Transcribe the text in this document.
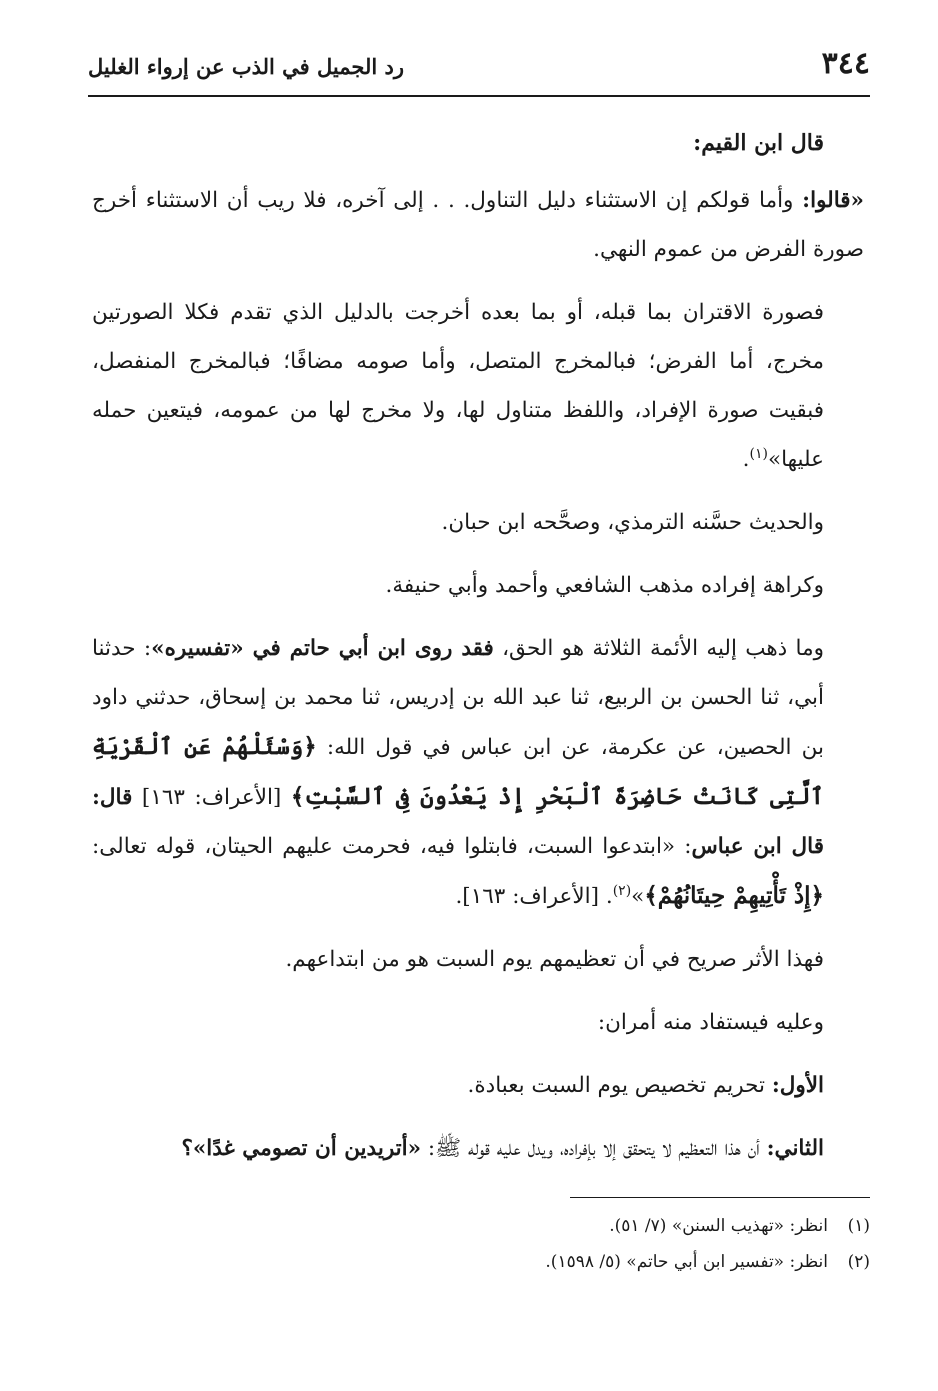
٣٤٤
رد الجميل في الذب عن إرواء الغليل

قال ابن القيم:

«قالوا: وأما قولكم إن الاستثناء دليل التناول. . . إلى آخره، فلا ريب أن الاستثناء أخرج صورة الفرض من عموم النهي.

فصورة الاقتران بما قبله، أو بما بعده أخرجت بالدليل الذي تقدم فكلا الصورتين مخرج، أما الفرض؛ فبالمخرج المتصل، وأما صومه مضافًا؛ فبالمخرج المنفصل، فبقيت صورة الإفراد، واللفظ متناول لها، ولا مخرج لها من عمومه، فيتعين حمله عليها»$^{(١)}$.

والحديث حسَّنه الترمذي، وصحَّحه ابن حبان.

وكراهة إفراده مذهب الشافعي وأحمد وأبي حنيفة.

وما ذهب إليه الأئمة الثلاثة هو الحق، فقد روى ابن أبي حاتم في «تفسيره»: حدثنا أبي، ثنا الحسن بن الربيع، ثنا عبد الله بن إدريس، ثنا محمد بن إسحاق، حدثني داود بن الحصين، عن عكرمة، عن ابن عباس في قول الله: ﴿وَسْئَلْهُمْ عَنِ ٱلْقَرْيَةِ ٱلَّتِى كَانَتْ حَاضِرَةَ ٱلْبَحْرِ إِذْ يَعْدُونَ فِى ٱلسَّبْتِ﴾ [الأعراف: ١٦٣] قال: قال ابن عباس: «ابتدعوا السبت، فابتلوا فيه، فحرمت عليهم الحيتان، قوله تعالى: ﴿إِذْ تَأْتِيهِمْ حِيتَانُهُمْ﴾»$^{(٢)}$. [الأعراف: ١٦٣].

فهذا الأثر صريح في أن تعظيمهم يوم السبت هو من ابتداعهم.

وعليه فيستفاد منه أمران:

الأول: تحريم تخصيص يوم السبت بعبادة.

الثاني: أن هذا التعظيم لا يتحقق إلا بإفراده، ويدل عليه قوله ﷺ: «أتريدين أن تصومي غدًا»؟

(١)
انظر: «تهذيب السنن» (٧/ ٥١).

(٢)
انظر: «تفسير ابن أبي حاتم» (٥/ ١٥٩٨).
